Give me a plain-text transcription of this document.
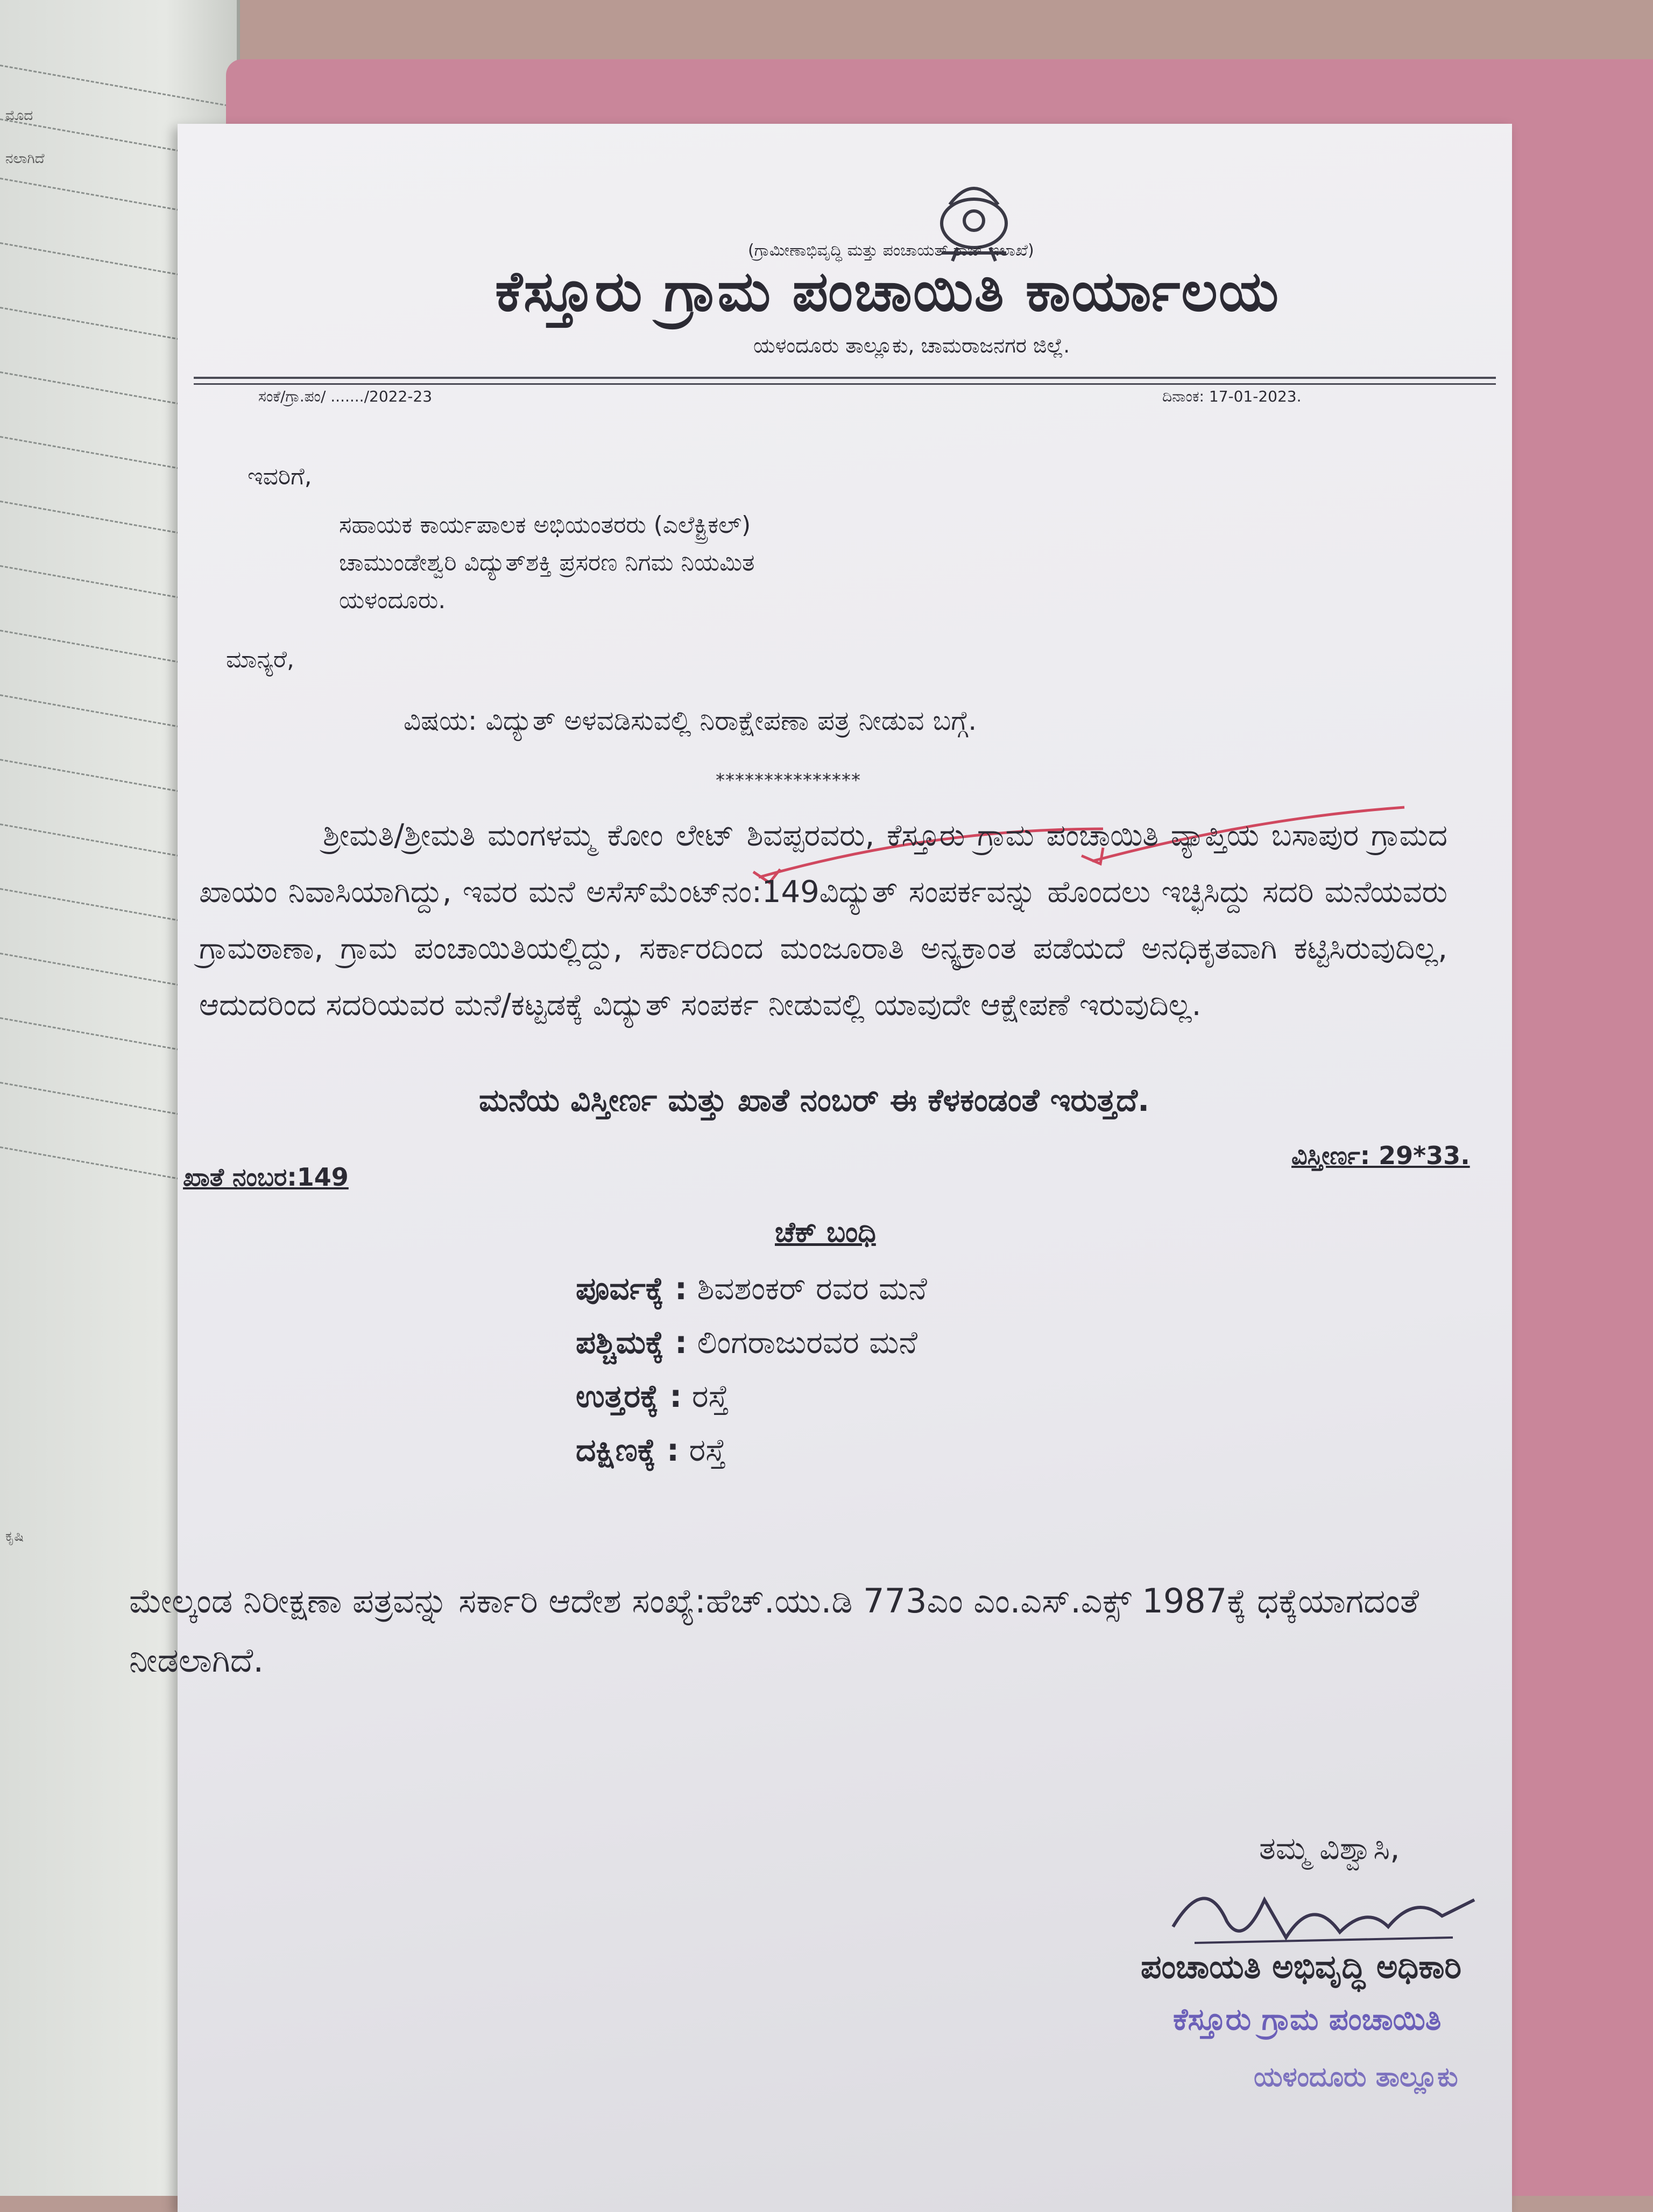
ಮೊದ
ನಲಾಗಿದೆ
ಕೃಷಿ
(ಗ್ರಾಮೀಣಾಭಿವೃದ್ಧಿ ಮತ್ತು ಪಂಚಾಯತ್ ರಾಜ್ ಇಲಾಖೆ)
ಕೆಸ್ತೂರು ಗ್ರಾಮ ಪಂಚಾಯಿತಿ ಕಾರ್ಯಾಲಯ
ಯಳಂದೂರು ತಾಲ್ಲೂಕು, ಚಾಮರಾಜನಗರ ಜಿಲ್ಲೆ.
ಸಂಕೆ/ಗ್ರಾ.ಪಂ/ ......./2022-23	ದಿನಾಂಕ: 17-01-2023.
ಇವರಿಗೆ,
ಸಹಾಯಕ ಕಾರ್ಯಪಾಲಕ ಅಭಿಯಂತರರು (ಎಲೆಕ್ಟ್ರಿಕಲ್)
ಚಾಮುಂಡೇಶ್ವರಿ ವಿದ್ಯುತ್‌ಶಕ್ತಿ ಪ್ರಸರಣ ನಿಗಮ ನಿಯಮಿತ
ಯಳಂದೂರು.
ಮಾನ್ಯರೆ,
ವಿಷಯ: ವಿದ್ಯುತ್ ಅಳವಡಿಸುವಲ್ಲಿ ನಿರಾಕ್ಷೇಪಣಾ ಪತ್ರ ನೀಡುವ ಬಗ್ಗೆ.
***************
ಶ್ರೀಮತಿ/ಶ್ರೀಮತಿ ಮಂಗಳಮ್ಮ ಕೋಂ ಲೇಟ್ ಶಿವಪ್ಪರವರು, ಕೆಸ್ತೂರು ಗ್ರಾಮ ಪಂಚಾಯಿತಿ ವ್ಯಾಪ್ತಿಯ ಬಸಾಪುರ ಗ್ರಾಮದ ಖಾಯಂ ನಿವಾಸಿಯಾಗಿದ್ದು, ಇವರ ಮನೆ ಅಸೆಸ್‌ಮೆಂಟ್‌ನಂ:149ವಿದ್ಯುತ್ ಸಂಪರ್ಕವನ್ನು ಹೊಂದಲು ಇಚ್ಛಿಸಿದ್ದು ಸದರಿ ಮನೆಯವರು ಗ್ರಾಮಠಾಣಾ, ಗ್ರಾಮ ಪಂಚಾಯಿತಿಯಲ್ಲಿದ್ದು, ಸರ್ಕಾರದಿಂದ ಮಂಜೂರಾತಿ ಅನ್ಯಕ್ರಾಂತ ಪಡೆಯದೆ ಅನಧಿಕೃತವಾಗಿ ಕಟ್ಟಿಸಿರುವುದಿಲ್ಲ, ಆದುದರಿಂದ ಸದರಿಯವರ ಮನೆ/ಕಟ್ಟಡಕ್ಕೆ ವಿದ್ಯುತ್ ಸಂಪರ್ಕ ನೀಡುವಲ್ಲಿ ಯಾವುದೇ ಆಕ್ಷೇಪಣೆ ಇರುವುದಿಲ್ಲ.
ಮನೆಯ ವಿಸ್ತೀರ್ಣ ಮತ್ತು ಖಾತೆ ನಂಬರ್ ಈ ಕೆಳಕಂಡಂತೆ ಇರುತ್ತದೆ.
ಖಾತೆ ನಂಬರ:149
ವಿಸ್ತೀರ್ಣ: 29*33.
ಚೆಕ್ ಬಂಧಿ
ಪೂರ್ವಕ್ಕೆ : ಶಿವಶಂಕರ್ ರವರ ಮನೆ
ಪಶ್ಚಿಮಕ್ಕೆ : ಲಿಂಗರಾಜುರವರ ಮನೆ
ಉತ್ತರಕ್ಕೆ : ರಸ್ತೆ
ದಕ್ಷಿಣಕ್ಕೆ : ರಸ್ತೆ
ಮೇಲ್ಕಂಡ ನಿರೀಕ್ಷಣಾ ಪತ್ರವನ್ನು ಸರ್ಕಾರಿ ಆದೇಶ ಸಂಖ್ಯೆ:ಹೆಚ್.ಯು.ಡಿ 773ಎಂ ಎಂ.ಎಸ್.ಎಕ್ಸ್ 1987ಕ್ಕೆ ಧಕ್ಕೆಯಾಗದಂತೆ ನೀಡಲಾಗಿದೆ.
ತಮ್ಮ ವಿಶ್ವಾಸಿ,
ಪಂಚಾಯತಿ ಅಭಿವೃದ್ಧಿ ಅಧಿಕಾರಿ
ಕೆಸ್ತೂರು ಗ್ರಾಮ ಪಂಚಾಯಿತಿ
ಯಳಂದೂರು ತಾಲ್ಲೂಕು
